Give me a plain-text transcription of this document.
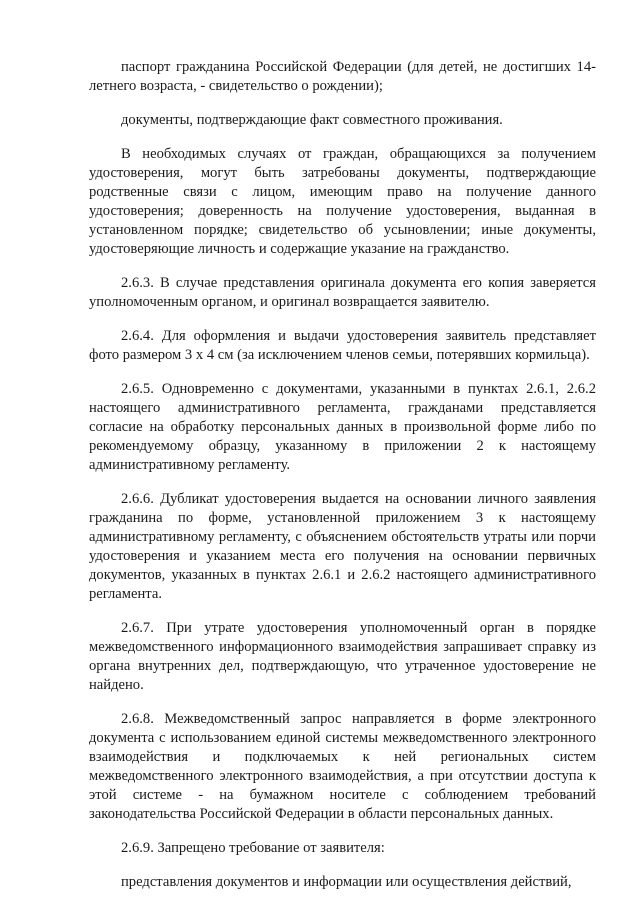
паспорт гражданина Российской Федерации (для детей, не достигших 14-летнего возраста, - свидетельство о рождении);

документы, подтверждающие факт совместного проживания.

В необходимых случаях от граждан, обращающихся за получением удостоверения, могут быть затребованы документы, подтверждающие родственные связи с лицом, имеющим право на получение данного удостоверения; доверенность на получение удостоверения, выданная в установленном порядке; свидетельство об усыновлении; иные документы, удостоверяющие личность и содержащие указание на гражданство.

2.6.3. В случае представления оригинала документа его копия заверяется уполномоченным органом, и оригинал возвращается заявителю.

2.6.4. Для оформления и выдачи удостоверения заявитель представляет фото размером 3 х 4 см (за исключением членов семьи, потерявших кормильца).

2.6.5. Одновременно с документами, указанными в пунктах 2.6.1, 2.6.2 настоящего административного регламента, гражданами представляется согласие на обработку персональных данных в произвольной форме либо по рекомендуемому образцу, указанному в приложении 2 к настоящему административному регламенту.

2.6.6. Дубликат удостоверения выдается на основании личного заявления гражданина по форме, установленной приложением 3 к настоящему административному регламенту, с объяснением обстоятельств утраты или порчи удостоверения и указанием места его получения на основании первичных документов, указанных в пунктах 2.6.1 и 2.6.2 настоящего административного регламента.

2.6.7. При утрате удостоверения уполномоченный орган в порядке межведомственного информационного взаимодействия запрашивает справку из органа внутренних дел, подтверждающую, что утраченное удостоверение не найдено.

2.6.8. Межведомственный запрос направляется в форме электронного документа с использованием единой системы межведомственного электронного взаимодействия и подключаемых к ней региональных систем межведомственного электронного взаимодействия, а при отсутствии доступа к этой системе - на бумажном носителе с соблюдением требований законодательства Российской Федерации в области персональных данных.

2.6.9. Запрещено требование от заявителя:

представления документов и информации или осуществления действий,
